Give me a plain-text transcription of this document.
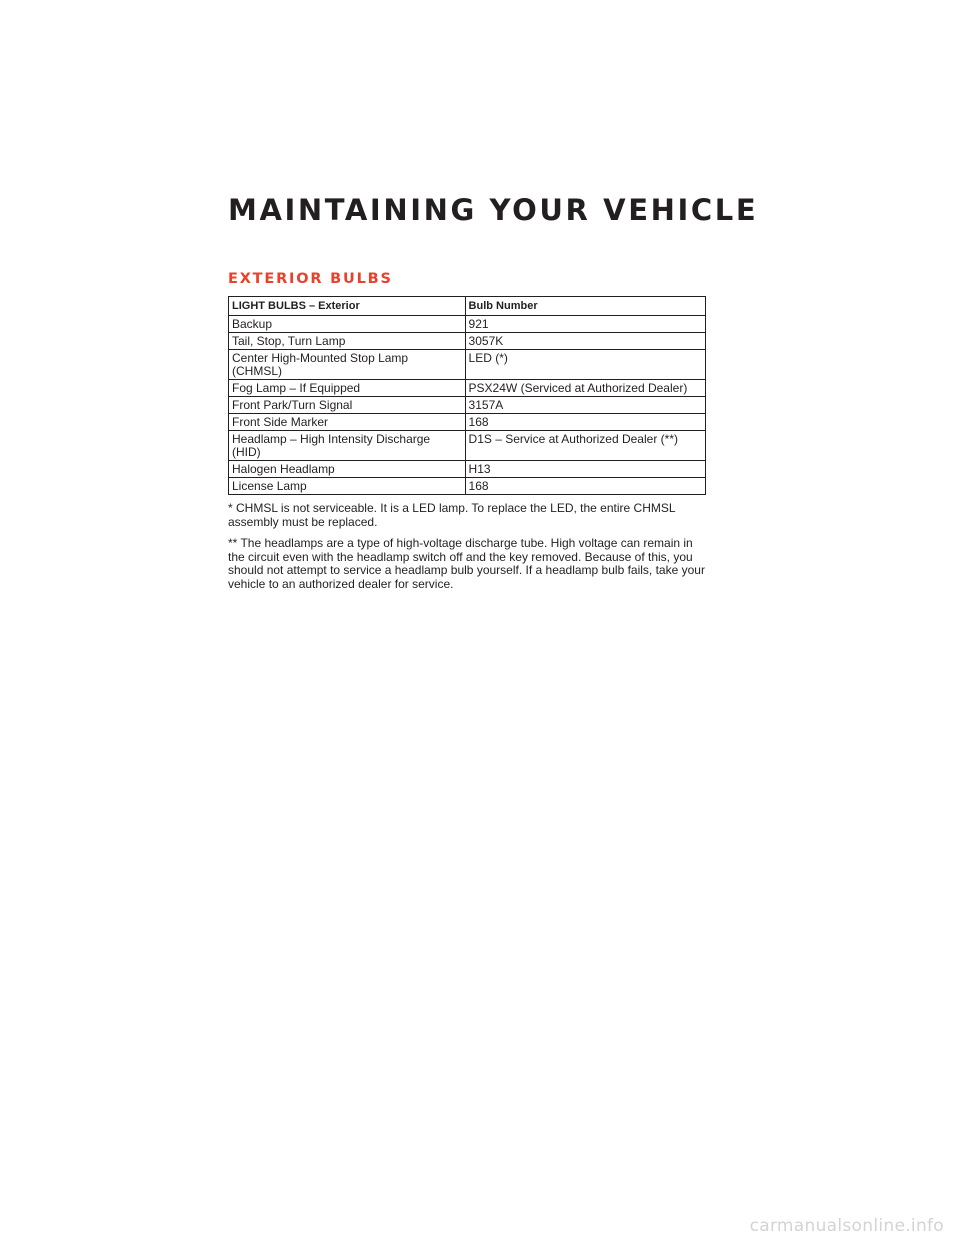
MAINTAINING YOUR VEHICLE
EXTERIOR BULBS
LIGHT BULBS – Exterior	Bulb Number
Backup	921
Tail, Stop, Turn Lamp	3057K
Center High-Mounted Stop Lamp (CHMSL)	LED (*)
Fog Lamp – If Equipped	PSX24W (Serviced at Authorized Dealer)
Front Park/Turn Signal	3157A
Front Side Marker	168
Headlamp – High Intensity Discharge (HID)	D1S – Service at Authorized Dealer (**)
Halogen Headlamp	H13
License Lamp	168

* CHMSL is not serviceable. It is a LED lamp. To replace the LED, the entire CHMSL assembly must be replaced.

** The headlamps are a type of high-voltage discharge tube. High voltage can remain in the circuit even with the headlamp switch off and the key removed. Because of this, you should not attempt to service a headlamp bulb yourself. If a headlamp bulb fails, take your vehicle to an authorized dealer for service.

carmanualsonline.info
